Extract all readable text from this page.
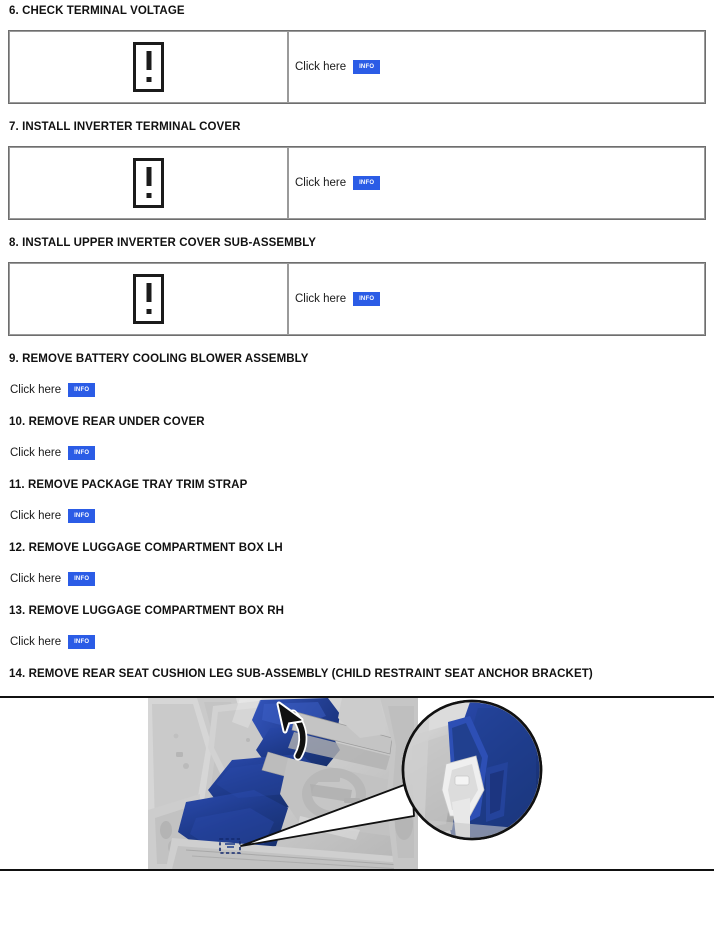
6. CHECK TERMINAL VOLTAGE

Click here	INFO
7. INSTALL INVERTER TERMINAL COVER

Click here	INFO
8. INSTALL UPPER INVERTER COVER SUB-ASSEMBLY

Click here	INFO
9. REMOVE BATTERY COOLING BLOWER ASSEMBLY
Click here	INFO
10. REMOVE REAR UNDER COVER
Click here	INFO
11. REMOVE PACKAGE TRAY TRIM STRAP
Click here	INFO
12. REMOVE LUGGAGE COMPARTMENT BOX LH
Click here	INFO
13. REMOVE LUGGAGE COMPARTMENT BOX RH
Click here	INFO
14. REMOVE REAR SEAT CUSHION LEG SUB-ASSEMBLY (CHILD RESTRAINT SEAT ANCHOR BRACKET)
